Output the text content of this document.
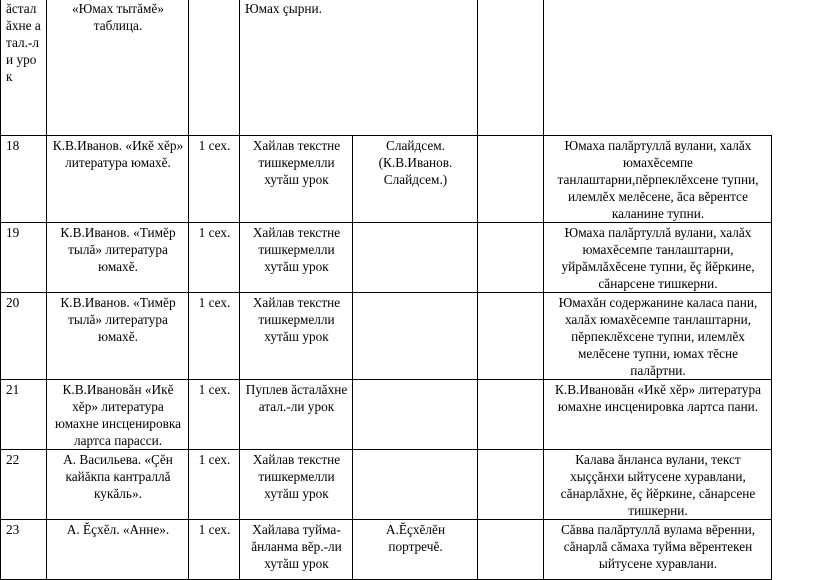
ăсталăхне атал.-ли урок	«Юмах тытăмĕ» таблица.		Юмах çырни.			
18	К.В.Иванов. «Икĕ хĕр» литература юмахĕ.	1 сех.	Хайлав текстне тишкермелли хутăш урок	Слайдсем. (К.В.Иванов. Слайдсем.)		Юмаха палăртуллă вулани, халăх юмахĕсемпе танлаштарни,пĕрпеклĕхсене тупни, илемлĕх мелĕсене, ăса вĕрентсе каланине тупни.
19	К.В.Иванов. «Тимĕр тылă» литература юмахĕ.	1 сех.	Хайлав текстне тишкермелли хутăш урок			Юмаха палăртуллă вулани, халăх юмахĕсемпе танлаштарни, уйрăмлăхĕсене тупни, ĕç йĕркине, сăнарсене тишкерни.
20	К.В.Иванов. «Тимĕр тылă» литература юмахĕ.	1 сех.	Хайлав текстне тишкермелли хутăш урок			Юмахăн содержанине каласа пани, халăх юмахĕсемпе танлаштарни, пĕрпеклĕхсене тупни, илемлĕх мелĕсене тупни, юмах тĕсне палăртни.
21	К.В.Ивановăн «Икĕ хĕр» литература юмахне инсценировка лартса парасси.	1 сех.	Пуплев ăсталăхне атал.-ли урок			К.В.Ивановăн «Икĕ хĕр» литература юмахне инсценировка лартса пани.
22	А. Васильева. «Çĕн кайăкпа кантраллă кукăль».	1 сех.	Хайлав текстне тишкермелли хутăш урок			Калава ăнланса вулани, текст хыççăнхи ыйтусене хуравлани, сăнарлăхне, ĕç йĕркине, сăнарсене тишкерни.
23	А. Ĕçхĕл. «Анне».	1 сех.	Хайлава туйма-ăнланма вĕр.-ли хутăш урок	А.Ĕçхĕлĕн портречĕ.		Сăвва палăртуллă вулама вĕренни, сăнарлă сăмаха туйма вĕрентекен ыйтусене хуравлани.
